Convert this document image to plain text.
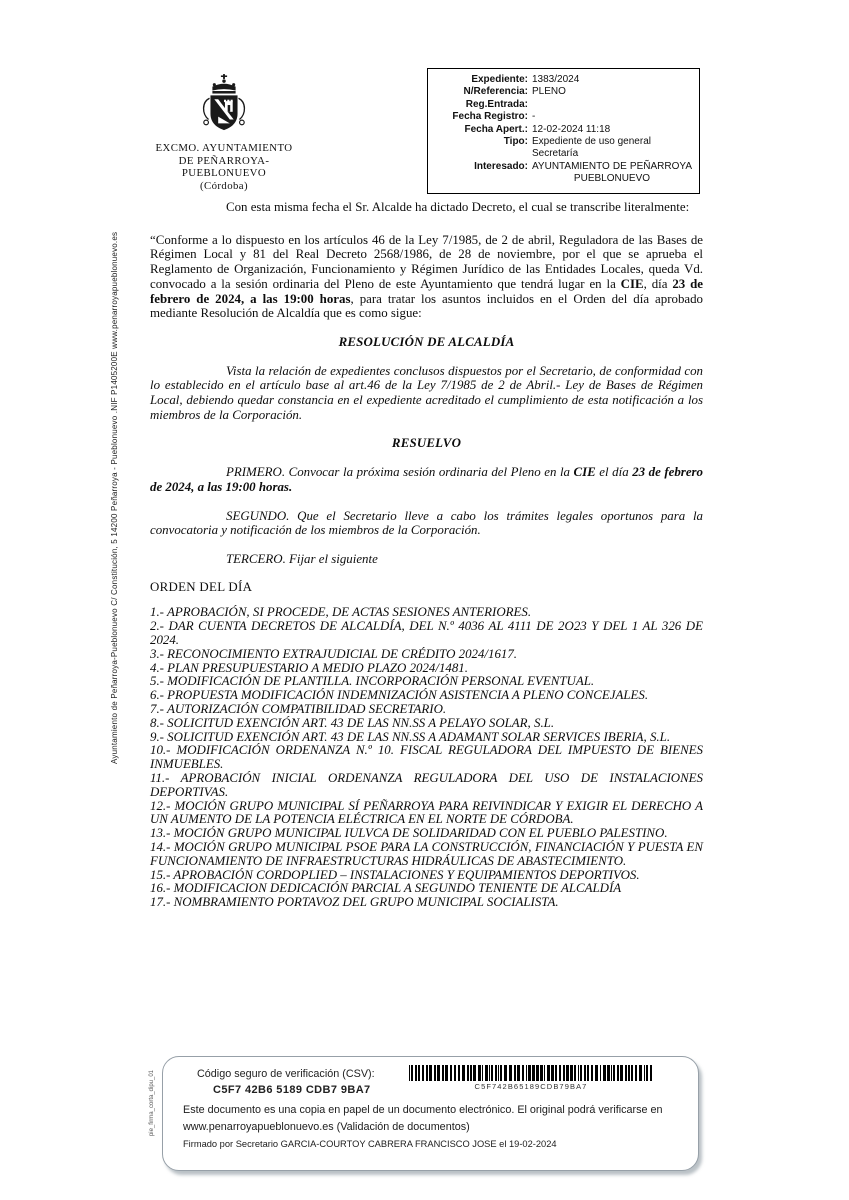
Ayuntamiento de Peñarroya-Pueblonuevo C/ Constitución, 5 14200 Peñarroya - Pueblonuevo .NIF P1405200E www.penarroyapueblonuevo.es
pie_firma_corta_dipu_01
EXCMO. AYUNTAMIENTO
DE PEÑARROYA-PUEBLONUEVO
(Córdoba)
Expediente: 1383/2024
N/Referencia: PLENO
Reg.Entrada:
Fecha Registro: -
Fecha Apert.: 12-02-2024 11:18
Tipo: Expediente de uso general Secretaría
Interesado: AYUNTAMIENTO DE PEÑARROYA PUEBLONUEVO

Con esta misma fecha el Sr. Alcalde ha dictado Decreto, el cual se transcribe literalmente:

“Conforme a lo dispuesto en los artículos 46 de la Ley 7/1985, de 2 de abril, Reguladora de las Bases de Régimen Local y 81 del Real Decreto 2568/1986, de 28 de noviembre, por el que se aprueba el Reglamento de Organización, Funcionamiento y Régimen Jurídico de las Entidades Locales, queda Vd. convocado a la sesión ordinaria del Pleno de este Ayuntamiento que tendrá lugar en la CIE, día 23 de febrero de 2024, a las 19:00 horas, para tratar los asuntos incluidos en el Orden del día aprobado mediante Resolución de Alcaldía que es como sigue:

RESOLUCIÓN DE ALCALDÍA

Vista la relación de expedientes conclusos dispuestos por el Secretario, de conformidad con lo establecido en el artículo base al art.46 de la Ley 7/1985 de 2 de Abril.- Ley de Bases de Régimen Local, debiendo quedar constancia en el expediente acreditado el cumplimiento de esta notificación a los miembros de la Corporación.

RESUELVO

PRIMERO. Convocar la próxima sesión ordinaria del Pleno en la CIE el día 23 de febrero de 2024, a las 19:00 horas.

SEGUNDO. Que el Secretario lleve a cabo los trámites legales oportunos para la convocatoria y notificación de los miembros de la Corporación.

TERCERO. Fijar el siguiente

ORDEN DEL DÍA
1.- APROBACIÓN, SI PROCEDE, DE ACTAS SESIONES ANTERIORES.
2.- DAR CUENTA DECRETOS DE ALCALDÍA, DEL N.º 4036 AL 4111 DE 2O23 Y DEL 1 AL 326 DE 2024.
3.- RECONOCIMIENTO EXTRAJUDICIAL DE CRÉDITO 2024/1617.
4.- PLAN PRESUPUESTARIO A MEDIO PLAZO 2024/1481.
5.- MODIFICACIÓN DE PLANTILLA. INCORPORACIÓN PERSONAL EVENTUAL.
6.- PROPUESTA MODIFICACIÓN INDEMNIZACIÓN ASISTENCIA A PLENO CONCEJALES.
7.- AUTORIZACIÓN COMPATIBILIDAD SECRETARIO.
8.- SOLICITUD EXENCIÓN ART. 43 DE LAS NN.SS A PELAYO SOLAR, S.L.
9.- SOLICITUD EXENCIÓN ART. 43 DE LAS NN.SS A ADAMANT SOLAR SERVICES IBERIA, S.L.
10.- MODIFICACIÓN ORDENANZA N.º 10. FISCAL REGULADORA DEL IMPUESTO DE BIENES INMUEBLES.
11.- APROBACIÓN INICIAL ORDENANZA REGULADORA DEL USO DE INSTALACIONES DEPORTIVAS.
12.- MOCIÓN GRUPO MUNICIPAL SÍ PEÑARROYA PARA REIVINDICAR Y EXIGIR EL DERECHO A UN AUMENTO DE LA POTENCIA ELÉCTRICA EN EL NORTE DE CÓRDOBA.
13.- MOCIÓN GRUPO MUNICIPAL IULVCA DE SOLIDARIDAD CON EL PUEBLO PALESTINO.
14.- MOCIÓN GRUPO MUNICIPAL PSOE PARA LA CONSTRUCCIÓN, FINANCIACIÓN Y PUESTA EN FUNCIONAMIENTO DE INFRAESTRUCTURAS HIDRÁULICAS DE ABASTECIMIENTO.
15.- APROBACIÓN CORDOPLIED – INSTALACIONES Y EQUIPAMIENTOS DEPORTIVOS.
16.- MODIFICACION DEDICACIÓN PARCIAL A SEGUNDO TENIENTE DE ALCALDÍA
17.- NOMBRAMIENTO PORTAVOZ DEL GRUPO MUNICIPAL SOCIALISTA.
Código seguro de verificación (CSV):
C5F7 42B6 5189 CDB7 9BA7	C5F742B65189CDB79BA7
Este documento es una copia en papel de un documento electrónico. El original podrá verificarse en www.penarroyapueblonuevo.es (Validación de documentos)
Firmado por Secretario GARCIA-COURTOY CABRERA FRANCISCO JOSE el 19-02-2024
